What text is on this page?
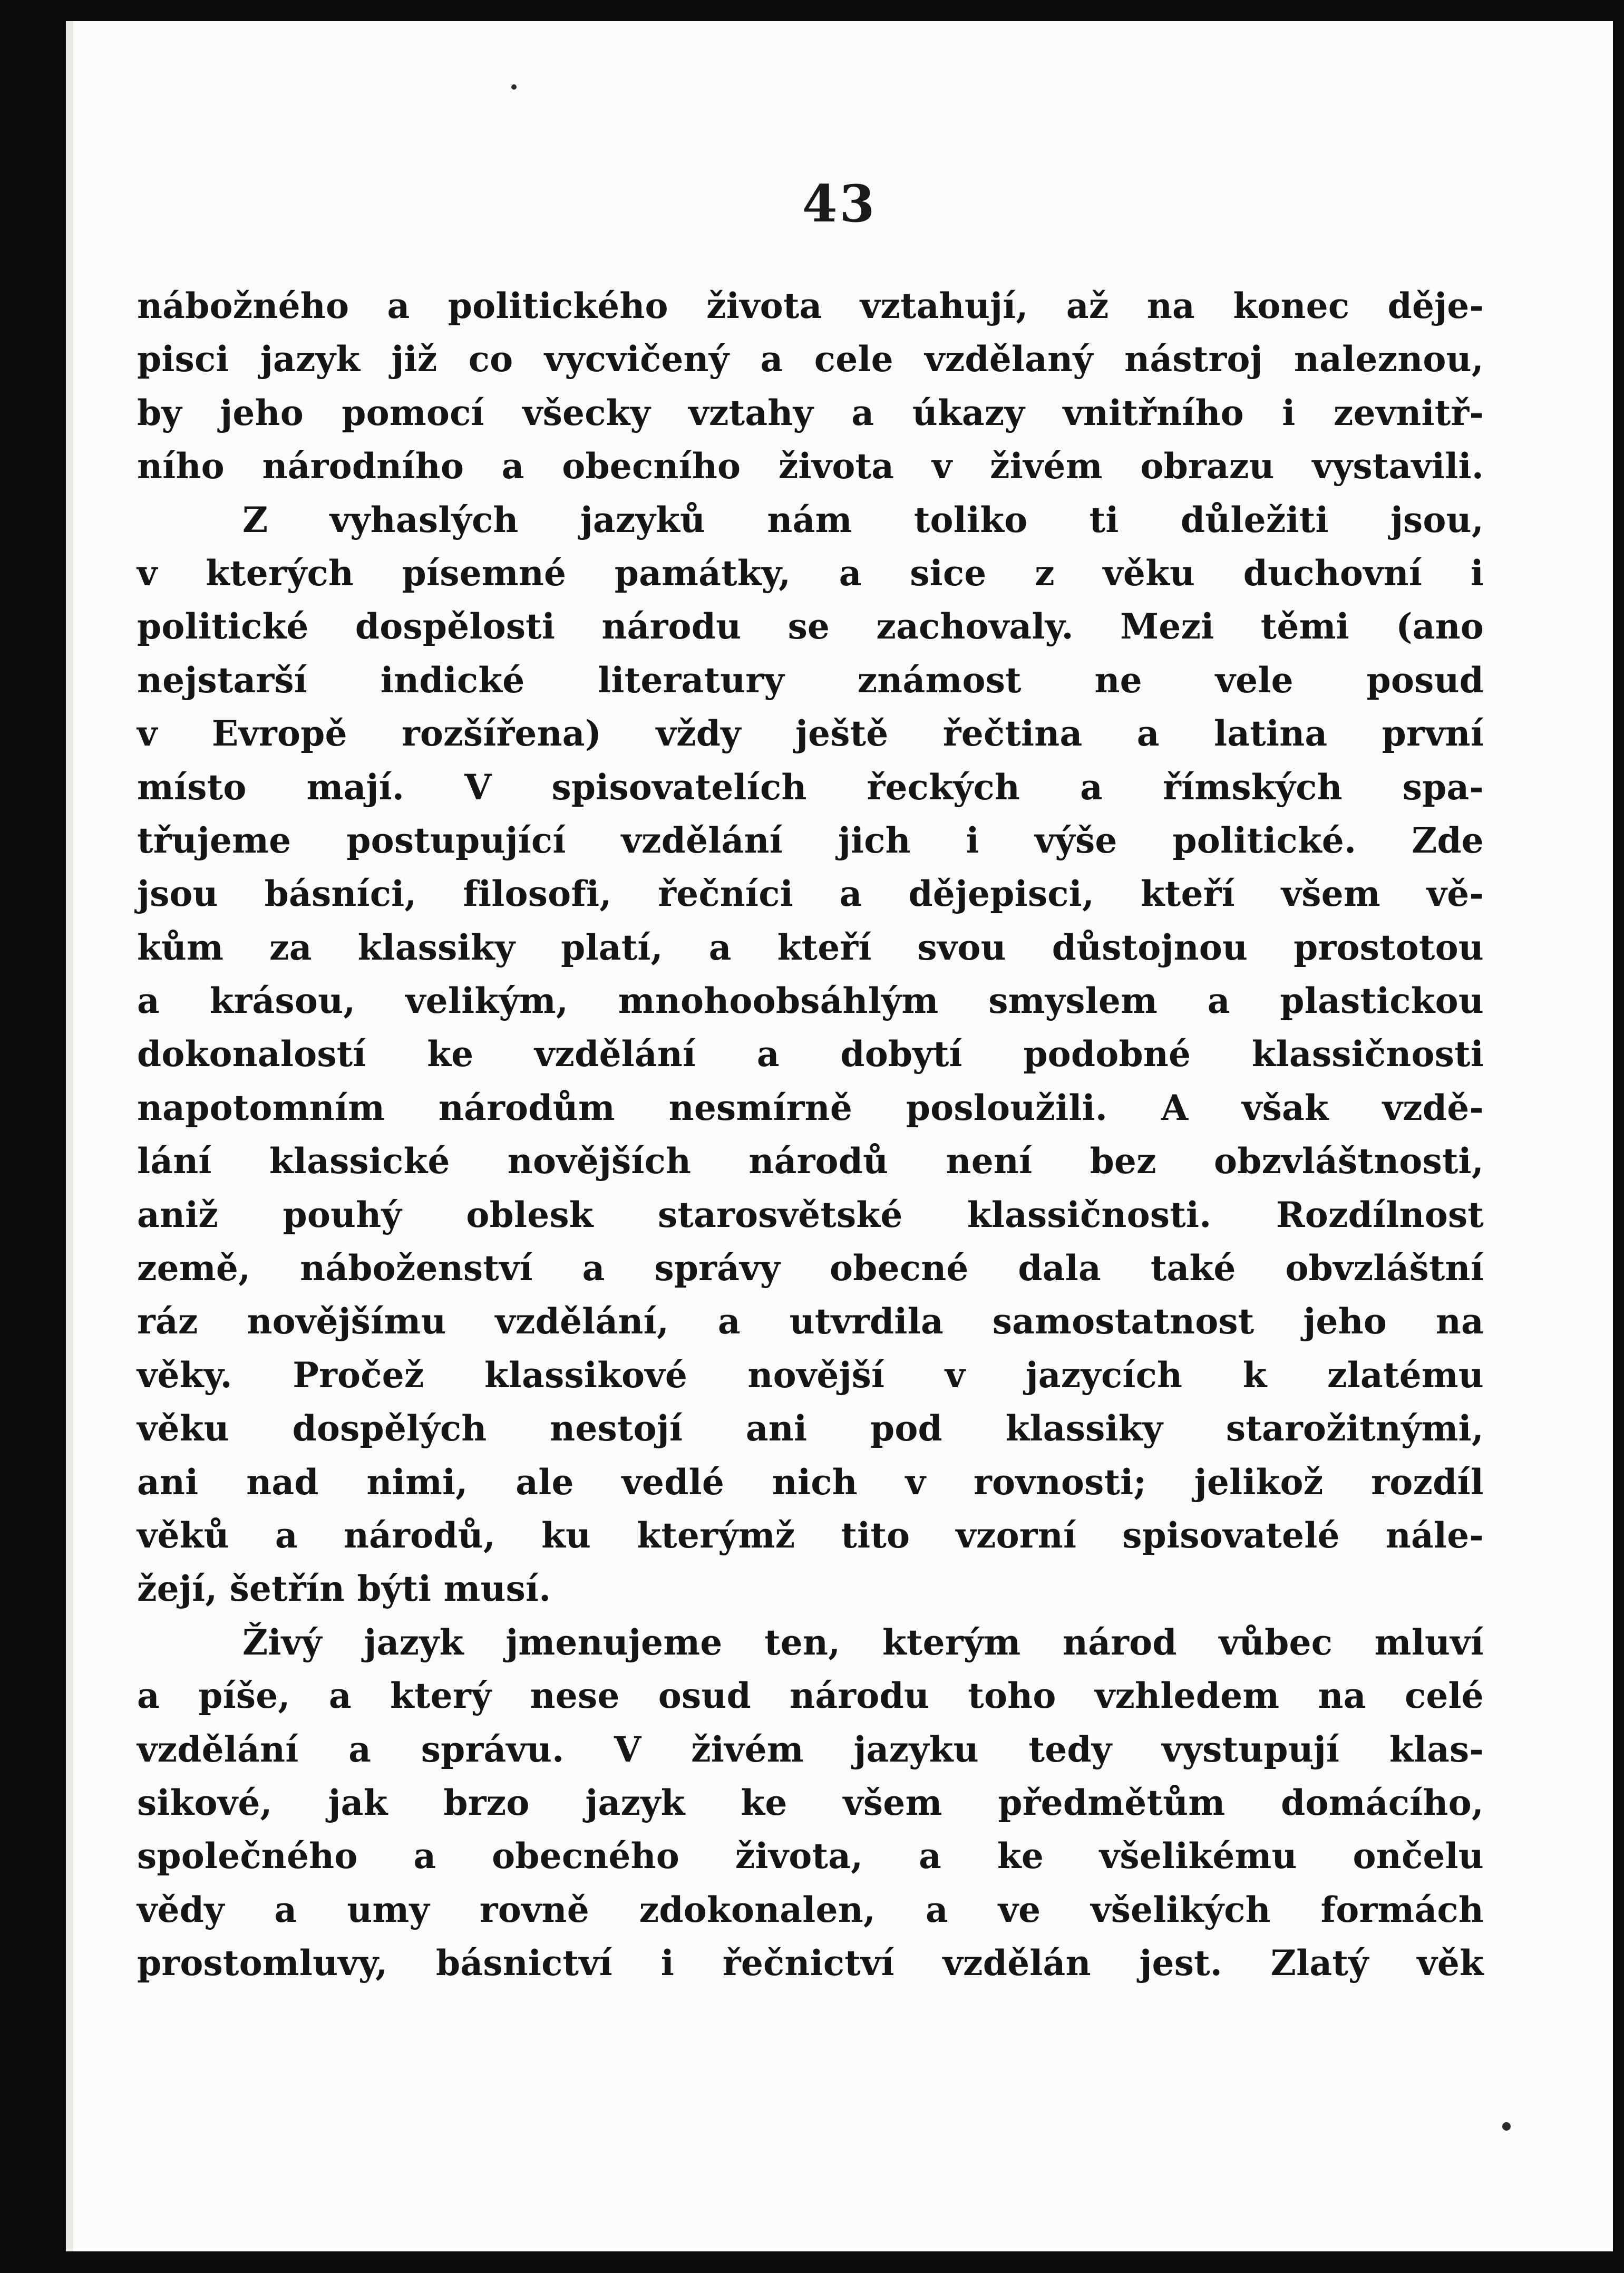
43
nábožného a politického života vztahují, až na konec děje-
pisci jazyk již co vycvičený a cele vzdělaný nástroj naleznou,
by jeho pomocí všecky vztahy a úkazy vnitřního i zevnitř-
ního národního a obecního života v živém obrazu vystavili.
Z vyhaslých jazyků nám toliko ti důležiti jsou,
v kterých písemné památky, a sice z věku duchovní i
politické dospělosti národu se zachovaly. Mezi těmi (ano
nejstarší indické literatury známost ne vele posud
v Evropě rozšířena) vždy ještě řečtina a latina první
místo mají. V spisovatelích řeckých a římských spa-
třujeme postupující vzdělání jich i výše politické. Zde
jsou básníci, filosofi, řečníci a dějepisci, kteří všem vě-
kům za klassiky platí, a kteří svou důstojnou prostotou
a krásou, velikým, mnohoobsáhlým smyslem a plastickou
dokonalostí ke vzdělání a dobytí podobné klassičnosti
napotomním národům nesmírně posloužili. A však vzdě-
lání klassické novějších národů není bez obzvláštnosti,
aniž pouhý oblesk starosvětské klassičnosti. Rozdílnost
země, náboženství a správy obecné dala také obvzláštní
ráz novějšímu vzdělání, a utvrdila samostatnost jeho na
věky. Pročež klassikové novější v jazycích k zlatému
věku dospělých nestojí ani pod klassiky starožitnými,
ani nad nimi, ale vedlé nich v rovnosti; jelikož rozdíl
věků a národů, ku kterýmž tito vzorní spisovatelé nále-
žejí, šetřín býti musí.
Živý jazyk jmenujeme ten, kterým národ vůbec mluví
a píše, a který nese osud národu toho vzhledem na celé
vzdělání a správu. V živém jazyku tedy vystupují klas-
sikové, jak brzo jazyk ke všem předmětům domácího,
společného a obecného života, a ke všelikému ončelu
vědy a umy rovně zdokonalen, a ve všelikých formách
prostomluvy, básnictví i řečnictví vzdělán jest. Zlatý věk
